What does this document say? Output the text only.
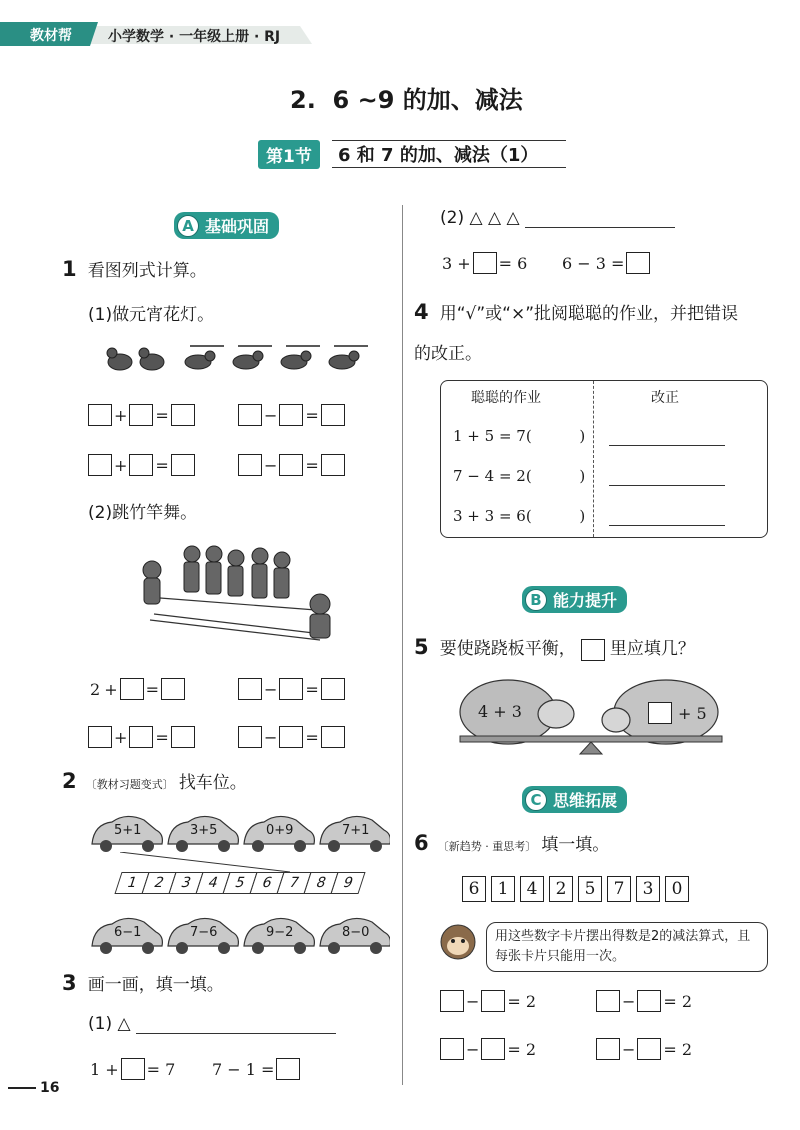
教材帮	小学数学 · 一年级上册 · RJ
2.  6 ~9 的加、减法
第1节	6 和 7 的加、减法（1）
A 基础巩固
1 看图列式计算。
(1)做元宵花灯。
+ =	− =
+ =	− =
(2)跳竹竿舞。
2 + =	− =
+ =	− =
2 〔教材习题变式〕 找车位。
5+1	3+5	0+9	7+1
1 2 3 4 5 6 7 8 9
6−1	7−6	9−2	8−0
3 画一画，填一填。
(1) △
1 + = 7 7 − 1 =
16
(2) △ △ △
3 + = 6 6 − 3 =
4 用“√”或“×”批阅聪聪的作业，并把错误的改正。
聪聪的作业	改正
1 + 5 = 7(          )
7 − 4 = 2(          )
3 + 3 = 6(          )
B 能力提升
5 要使跷跷板平衡， 里应填几？
4 + 3	+ 5
C 思维拓展
6 〔新趋势 · 重思考〕 填一填。
6 1 4 2 5 7 3 0
用这些数字卡片摆出得数是2的减法算式，且每张卡片只能用一次。
− = 2	− = 2
− = 2	− = 2
